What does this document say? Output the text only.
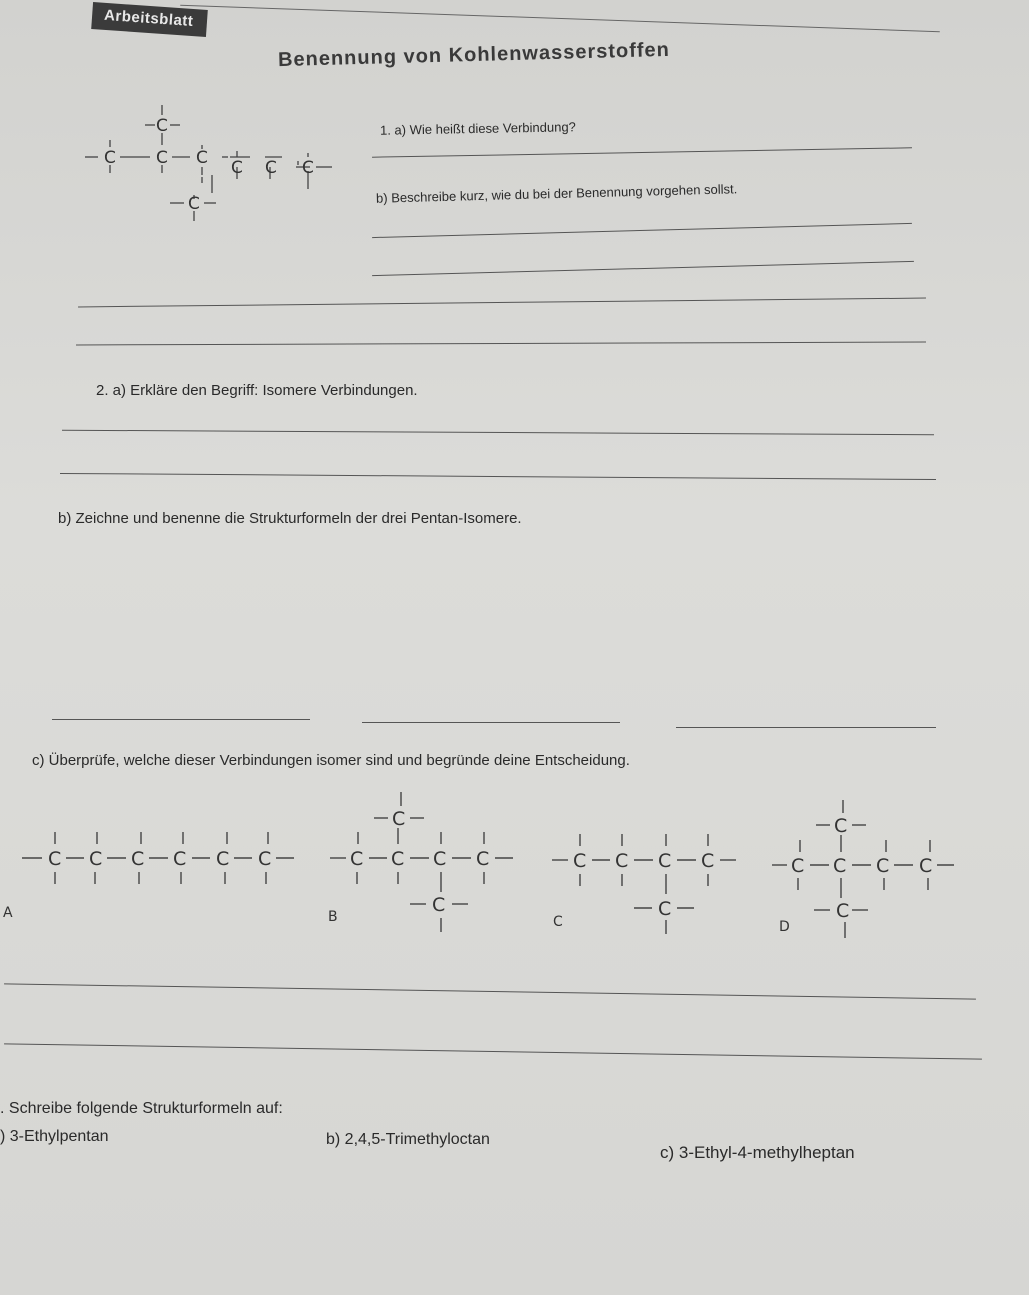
Arbeitsblatt
Benennung von Kohlenwasserstoffen
C
C C C C C C
C
1. a) Wie heißt diese Verbindung?
b) Beschreibe kurz, wie du bei der Benennung vorgehen sollst.
2. a) Erkläre den Begriff: Isomere Verbindungen.
b) Zeichne und benenne die Strukturformeln der drei Pentan-Isomere.
c) Überprüfe, welche dieser Verbindungen isomer sind und begründe deine Entscheidung.
C C C C C C	C C C C
C
C
C C C C
C
C C C C
C
C
A	B	C	D
. Schreibe folgende Strukturformeln auf:
) 3-Ethylpentan	b) 2,4,5-Trimethyloctan
c) 3-Ethyl-4-methylheptan
